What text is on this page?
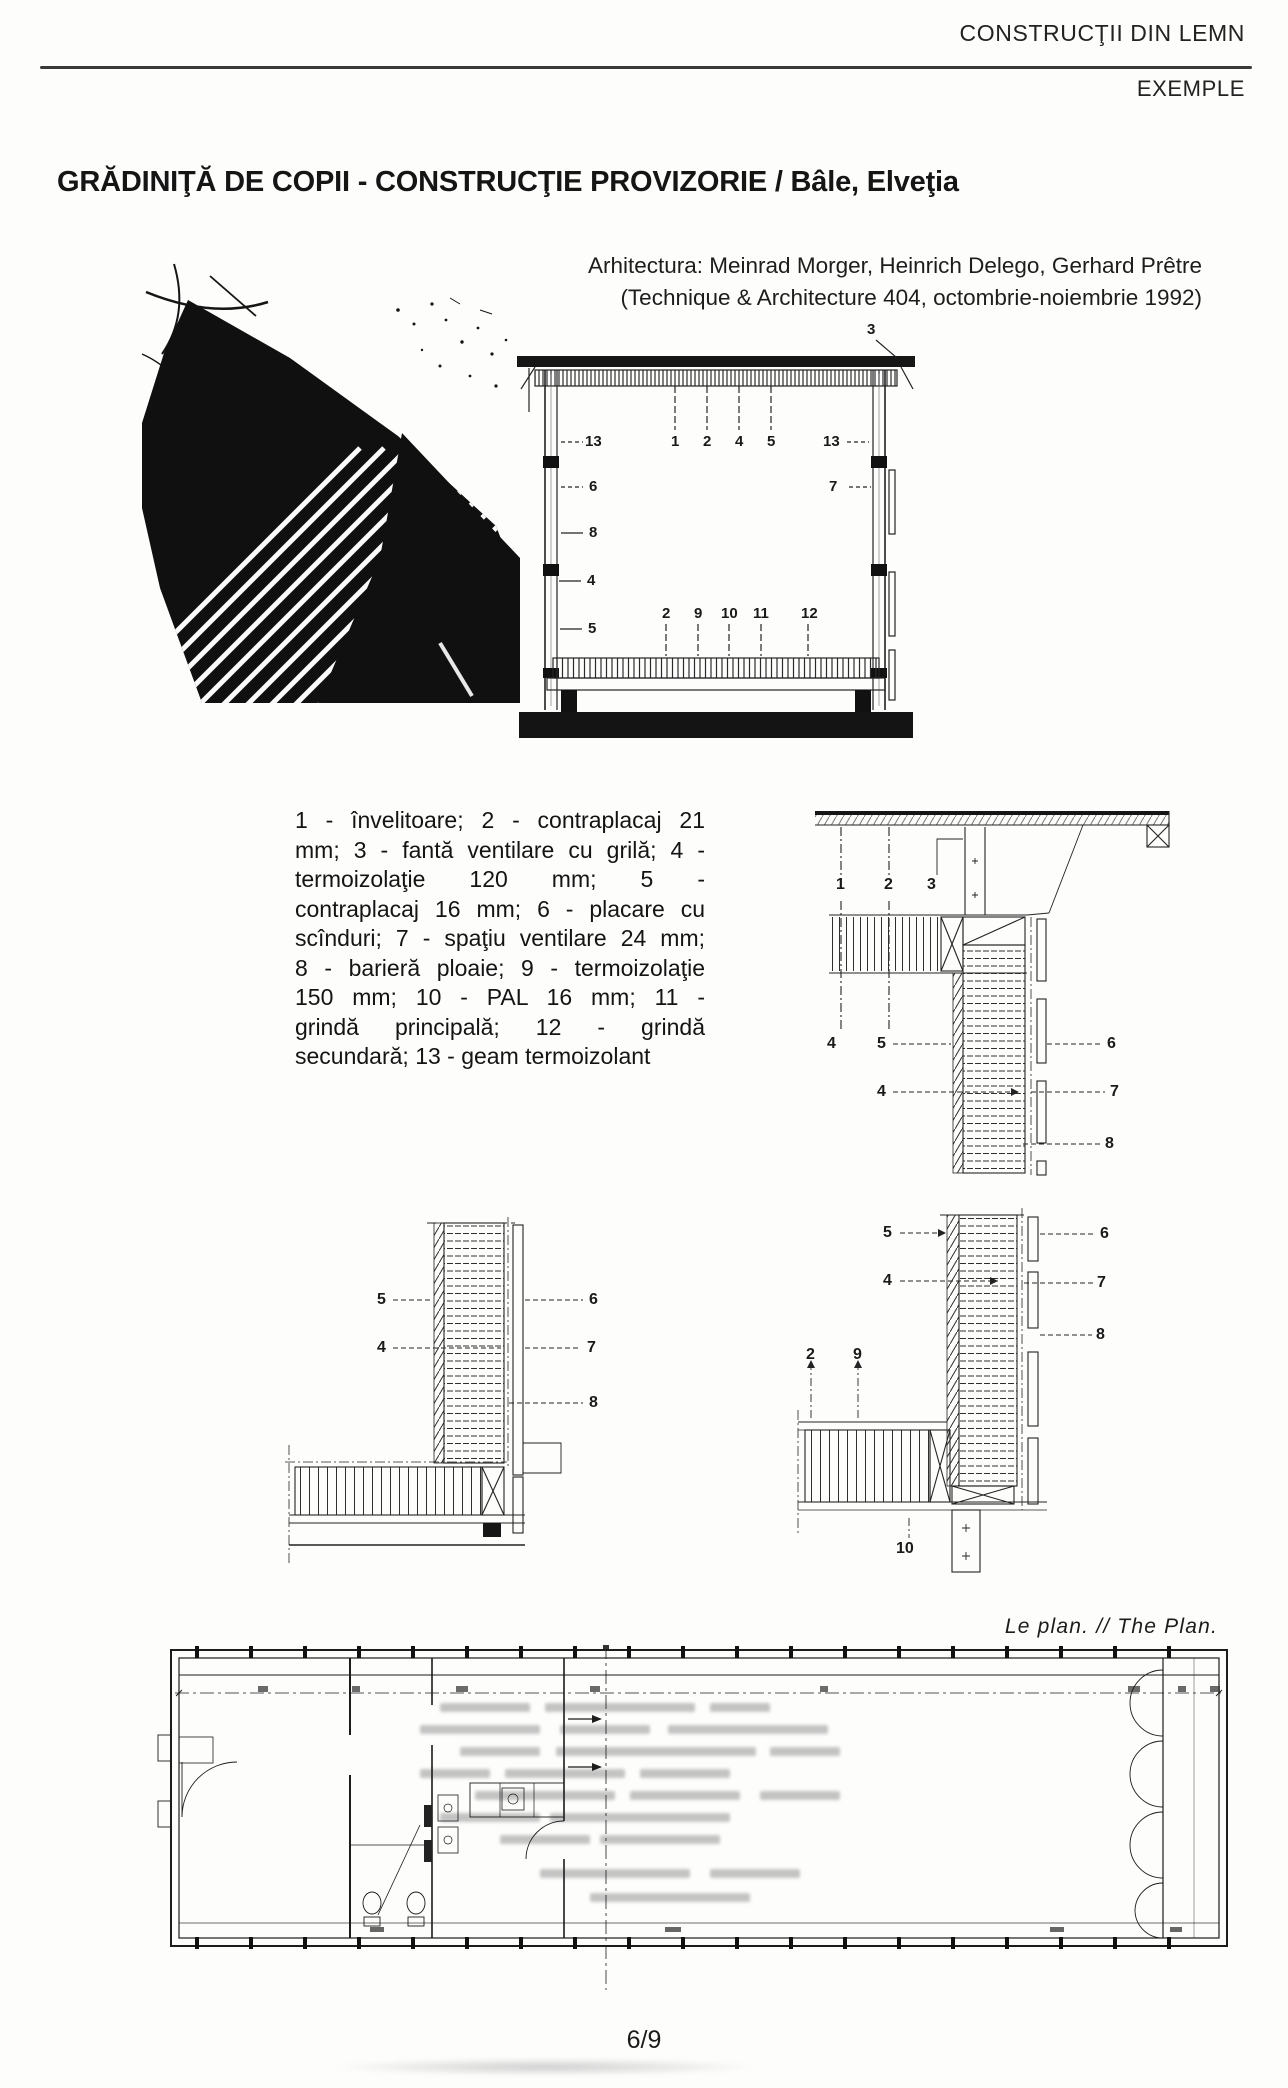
CONSTRUCŢII DIN LEMN
EXEMPLE
GRĂDINIŢĂ DE COPII - CONSTRUCŢIE PROVIZORIE / Bâle, Elveţia
Arhitectura: Meinrad Morger, Heinrich Delego, Gerhard Prêtre
(Technique & Architecture 404, octombrie-noiembrie 1992)
3
13	1 2 4 5	13
6	7
8
4
5
2 9 10 11 12
1 - învelitoare; 2 - contraplacaj 21
mm; 3 - fantă ventilare cu grilă; 4 -
termoizolaţie 120 mm; 5 -
contraplacaj 16 mm; 6 - placare cu
scînduri; 7 - spaţiu ventilare 24 mm;
8 - barieră ploaie; 9 - termoizolaţie
150 mm; 10 - PAL 16 mm; 11 -
grindă principală; 12 - grindă
secundară; 13 - geam termoizolant
1 2 3
4	5	6
4	7
8
5	6
4	7
8
5
4
6
7
8
2 9
10
Le plan. // The Plan.
6/9
